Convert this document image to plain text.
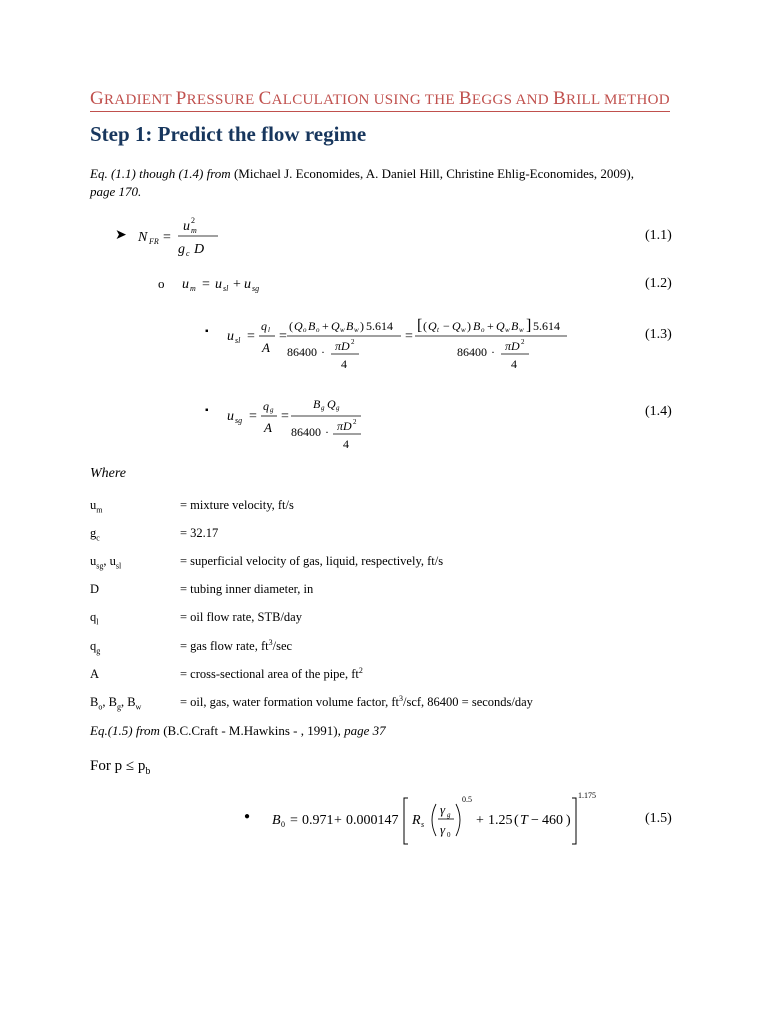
GRADIENT PRESSURE CALCULATION USING THE BEGGS AND BRILL METHOD
Step 1: Predict the flow regime
Eq. (1.1) though (1.4) from (Michael J. Economides, A. Daniel Hill, Christine Ehlig-Economides, 2009),
page 170.
➤ N FR =
u m
2
g c D
(1.1)
o u m = u sl + u sg	(1.2)
▪ u sl =
q l
A
=
( Q o B o + Q w B w ) 5.614
86400 · πD 2
4
=
[ ( Q t − Q w ) B o + Q w B w ] 5.614
86400 · πD 2
4
(1.3)
▪ u sg =
q g
A
=
B g Q g
86400 · πD 2
4
(1.4)
Where
$u_m$	= mixture velocity, ft/s
$g_c$	= 32.17
$u_{sg}$, $u_{sl}$	= superficial velocity of gas, liquid, respectively, ft/s
D	= tubing inner diameter, in
$q_l$	= oil flow rate, STB/day
$q_g$	= gas flow rate, $ft^3/\sec$
A	= cross-sectional area of the pipe, $ft^2$
$B_o$, $B_g$, $B_w$	= oil, gas, water formation volume factor, $ft^3$/scf, 86400 = seconds/day
Eq.(1.5) from (B.C.Craft - M.Hawkins - , 1991), page 37
For $p \le p_b$
● B 0 = 0.971 + 0.000147 R s
γ g
γ 0
0.5
+ 1.25 ( T − 460 )
1.175
(1.5)
